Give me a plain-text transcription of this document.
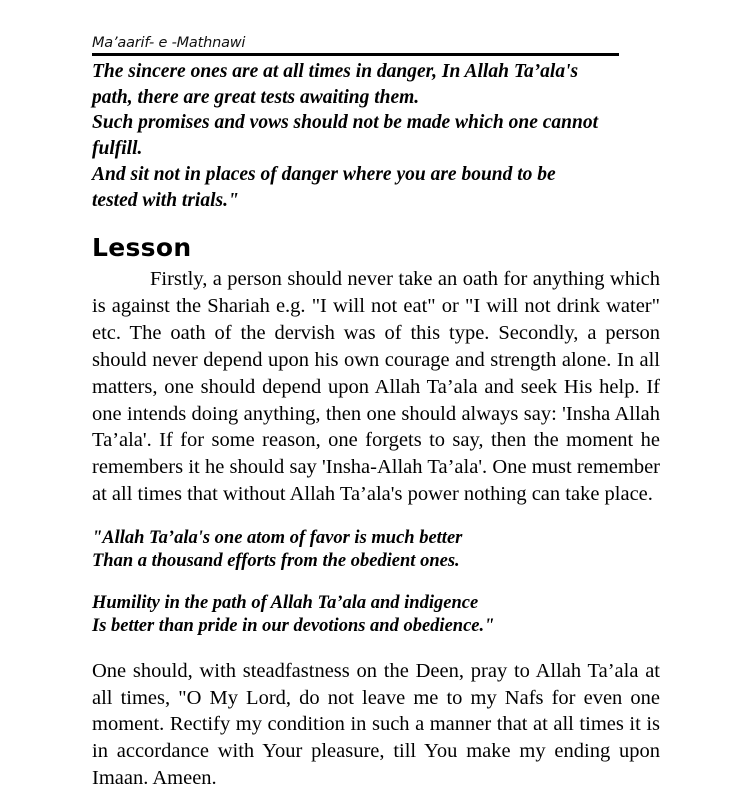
Ma’aarif- e -Mathnawi

The sincere ones are at all times in danger, In Allah Ta’ala's
path, there are great tests awaiting them.

Such promises and vows should not be made which one cannot
fulfill.

And sit not in places of danger where you are bound to be
tested with trials."

Lesson

Firstly, a person should never take an oath for anything which is against the Shariah e.g. "I will not eat" or "I will not drink water" etc. The oath of the dervish was of this type. Secondly, a person should never depend upon his own courage and strength alone. In all matters, one should depend upon Allah Ta’ala and seek His help. If one intends doing anything, then one should always say: 'Insha Allah Ta’ala'. If for some reason, one forgets to say, then the moment he remembers it he should say 'Insha-Allah Ta’ala'. One must remember at all times that without Allah Ta’ala's power nothing can take place.

"Allah Ta’ala's one atom of favor is much better
Than a thousand efforts from the obedient ones.
Humility in the path of Allah Ta’ala and indigence
Is better than pride in our devotions and obedience."

One should, with steadfastness on the Deen, pray to Allah Ta’ala at all times, "O My Lord, do not leave me to my Nafs for even one moment. Rectify my condition in such a manner that at all times it is in accordance with Your pleasure, till You make my ending upon Imaan. Ameen.
